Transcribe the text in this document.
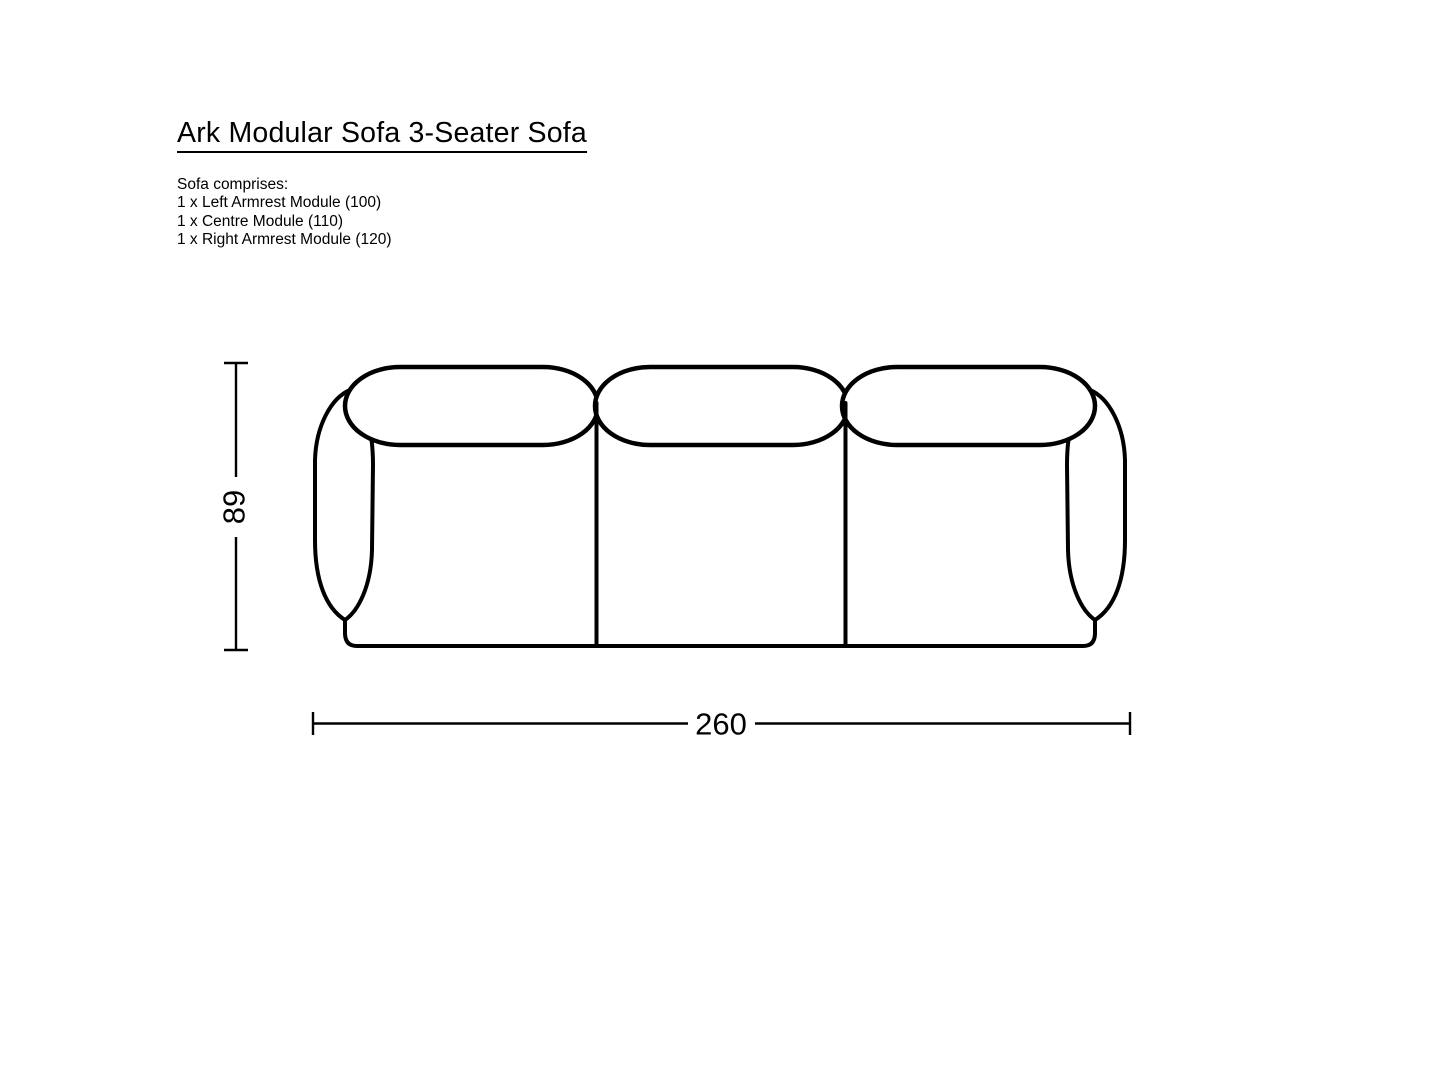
Ark Modular Sofa 3-Seater Sofa
Sofa comprises:
1 x Left Armrest Module (100)
1 x Centre Module (110)
1 x Right Armrest Module (120)
89
260
